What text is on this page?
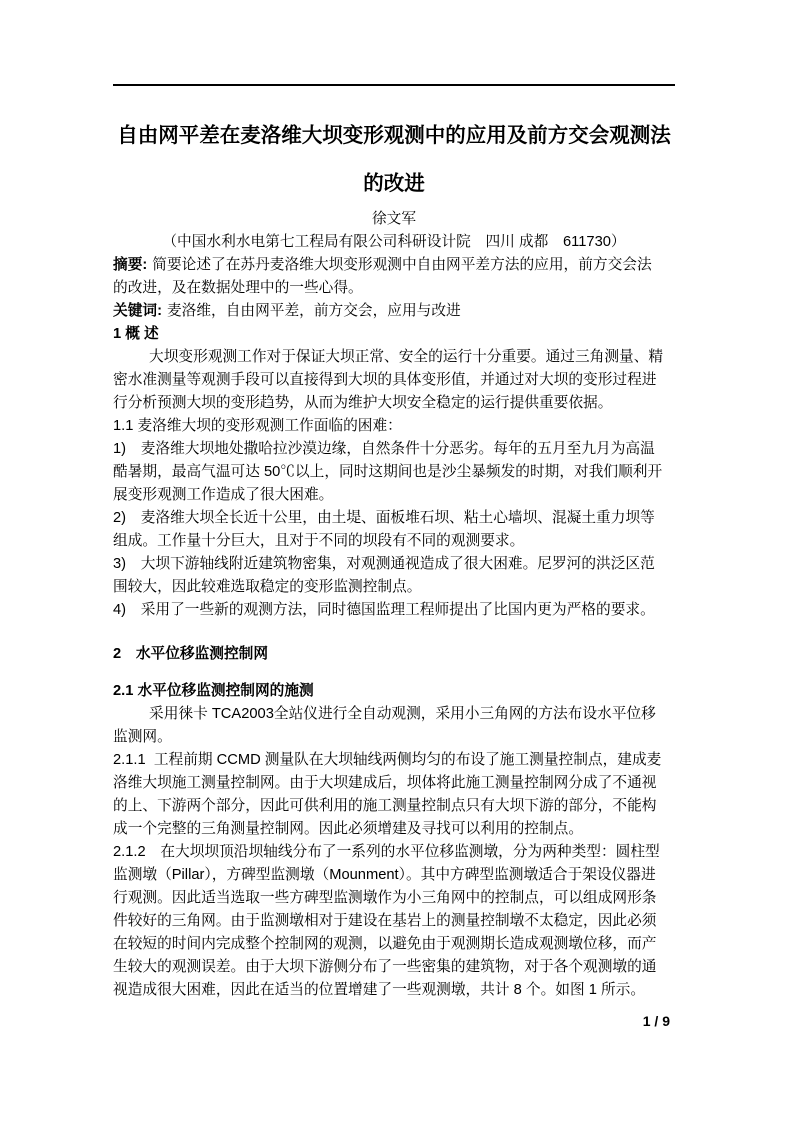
自由网平差在麦洛维大坝变形观测中的应用及前方交会观测法
的改进
徐文军
（中国水利水电第七工程局有限公司科研设计院　四川 成都　611730）
摘要: 简要论述了在苏丹麦洛维大坝变形观测中自由网平差方法的应用，前方交会法
的改进，及在数据处理中的一些心得。
关键词: 麦洛维，自由网平差，前方交会，应用与改进
1 概 述
大坝变形观测工作对于保证大坝正常、安全的运行十分重要。通过三角测量、精
密水准测量等观测手段可以直接得到大坝的具体变形值，并通过对大坝的变形过程进
行分析预测大坝的变形趋势，从而为维护大坝安全稳定的运行提供重要依据。
1.1 麦洛维大坝的变形观测工作面临的困难：
1)　麦洛维大坝地处撒哈拉沙漠边缘，自然条件十分恶劣。每年的五月至九月为高温
酷暑期，最高气温可达 50℃以上，同时这期间也是沙尘暴频发的时期，对我们顺利开
展变形观测工作造成了很大困难。
2)　麦洛维大坝全长近十公里，由土堤、面板堆石坝、粘土心墙坝、混凝土重力坝等
组成。工作量十分巨大，且对于不同的坝段有不同的观测要求。
3)　大坝下游轴线附近建筑物密集，对观测通视造成了很大困难。尼罗河的洪泛区范
围较大，因此较难选取稳定的变形监测控制点。
4)　采用了一些新的观测方法，同时德国监理工程师提出了比国内更为严格的要求。
2　水平位移监测控制网
2.1 水平位移监测控制网的施测
采用徕卡 TCA2003全站仪进行全自动观测，采用小三角网的方法布设水平位移
监测网。
2.1.1  工程前期 CCMD 测量队在大坝轴线两侧均匀的布设了施工测量控制点，建成麦
洛维大坝施工测量控制网。由于大坝建成后，坝体将此施工测量控制网分成了不通视
的上、下游两个部分，因此可供利用的施工测量控制点只有大坝下游的部分，不能构
成一个完整的三角测量控制网。因此必须增建及寻找可以利用的控制点。
2.1.2　在大坝坝顶沿坝轴线分布了一系列的水平位移监测墩，分为两种类型：圆柱型
监测墩（Pillar），方碑型监测墩（Mounment）。其中方碑型监测墩适合于架设仪器进
行观测。因此适当选取一些方碑型监测墩作为小三角网中的控制点，可以组成网形条
件较好的三角网。由于监测墩相对于建设在基岩上的测量控制墩不太稳定，因此必须
在较短的时间内完成整个控制网的观测，以避免由于观测期长造成观测墩位移，而产
生较大的观测误差。由于大坝下游侧分布了一些密集的建筑物，对于各个观测墩的通
视造成很大困难，因此在适当的位置增建了一些观测墩，共计 8 个。如图 1 所示。
1 / 9
